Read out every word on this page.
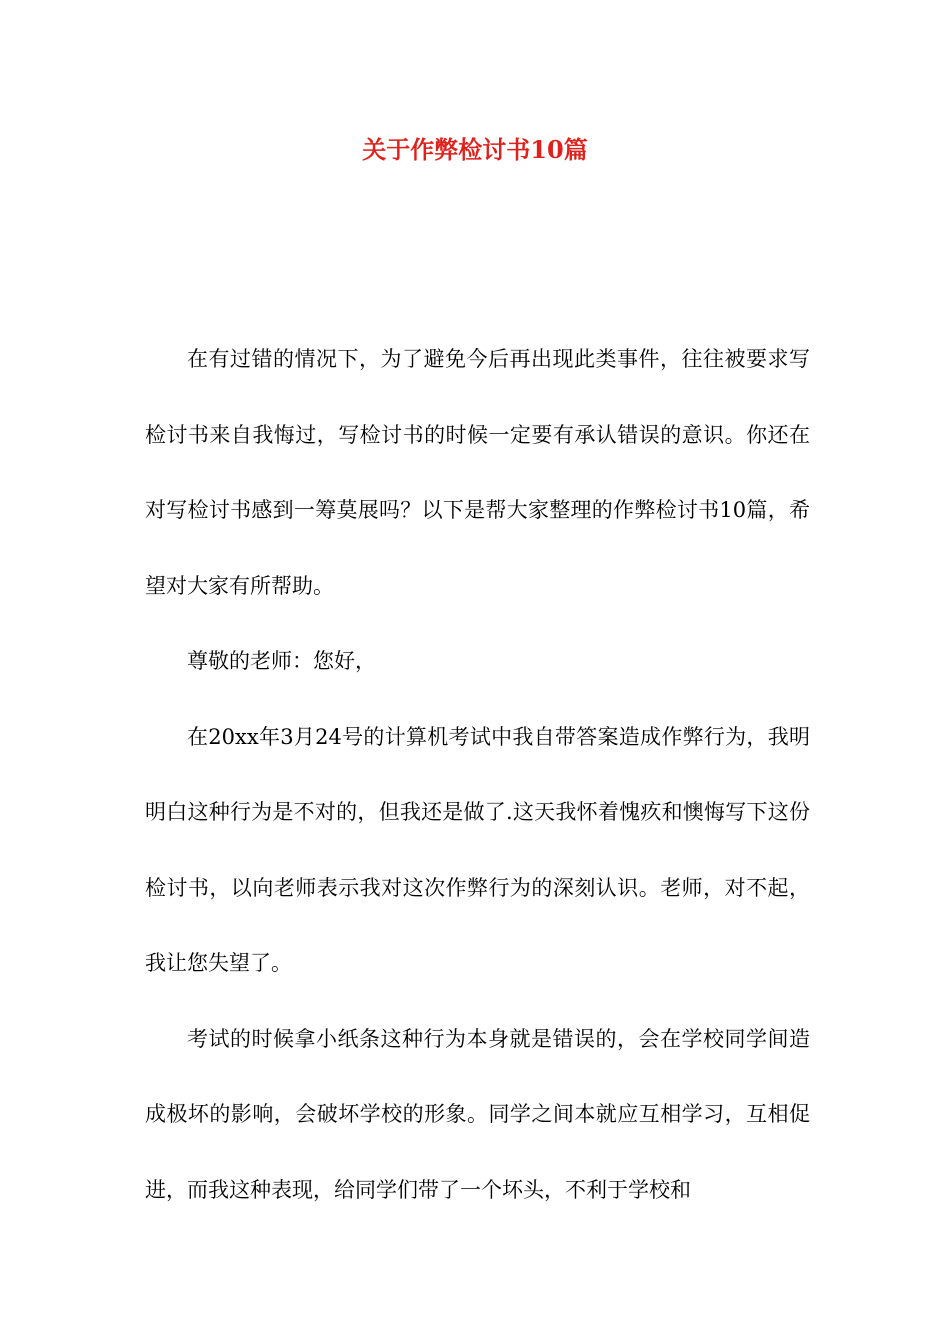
关于作弊检讨书10篇

在有过错的情况下，为了避免今后再出现此类事件，往往被要求写检讨书来自我悔过，写检讨书的时候一定要有承认错误的意识。你还在对写检讨书感到一筹莫展吗？以下是帮大家整理的作弊检讨书10篇，希望对大家有所帮助。

尊敬的老师：您好，

在20xx年3月24号的计算机考试中我自带答案造成作弊行为，我明明白这种行为是不对的，但我还是做了.这天我怀着愧疚和懊悔写下这份检讨书，以向老师表示我对这次作弊行为的深刻认识。老师，对不起，我让您失望了。

考试的时候拿小纸条这种行为本身就是错误的，会在学校同学间造成极坏的影响，会破坏学校的形象。同学之间本就应互相学习，互相促进，而我这种表现，给同学们带了一个坏头，不利于学校和
